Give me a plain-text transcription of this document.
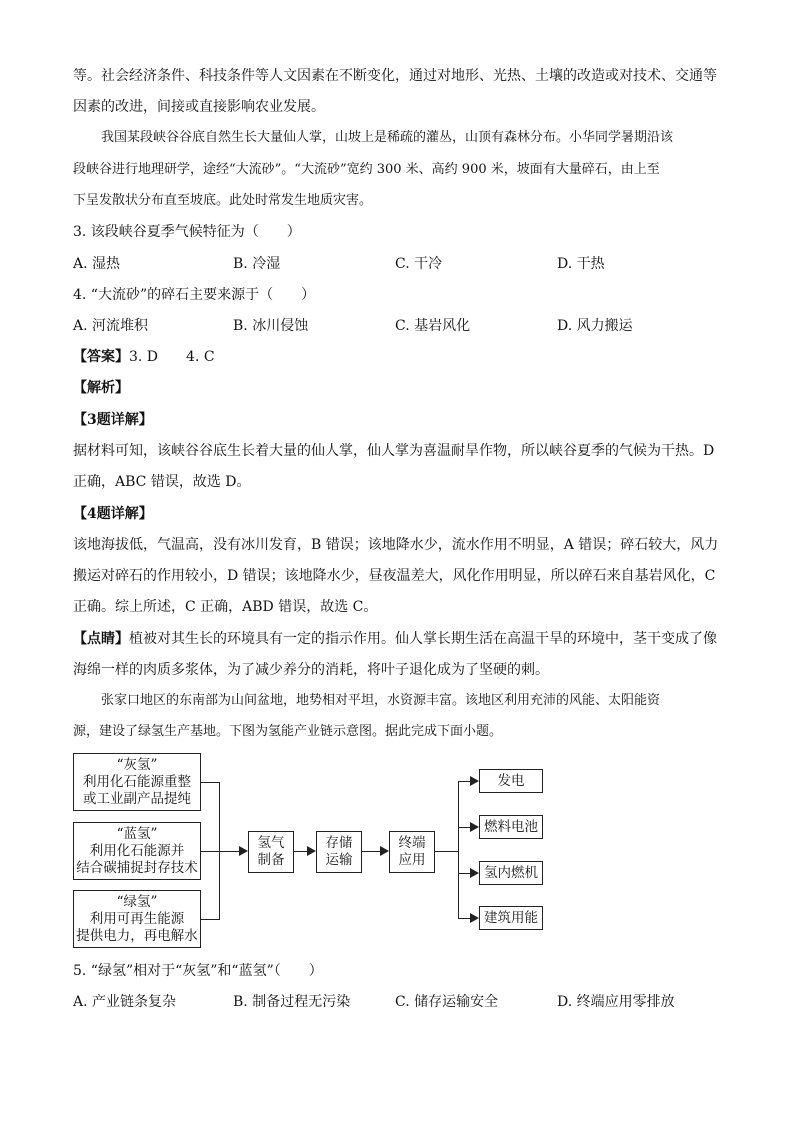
等。社会经济条件、科技条件等人文因素在不断变化，通过对地形、光热、土壤的改造或对技术、交通等
因素的改进，间接或直接影响农业发展。
我国某段峡谷谷底自然生长大量仙人掌，山坡上是稀疏的灌丛，山顶有森林分布。小华同学暑期沿该
段峡谷进行地理研学，途经“大流砂”。“大流砂”宽约 300 米、高约 900 米，坡面有大量碎石，由上至
下呈发散状分布直至坡底。此处时常发生地质灾害。
3. 该段峡谷夏季气候特征为（　　）
A. 湿热	B. 冷湿	C. 干冷	D. 干热
4. “大流砂”的碎石主要来源于（　　）
A. 河流堆积	B. 冰川侵蚀	C. 基岩风化	D. 风力搬运
【答案】3. D　　4. C
【解析】
【3题详解】
据材料可知，该峡谷谷底生长着大量的仙人掌，仙人掌为喜温耐旱作物，所以峡谷夏季的气候为干热。D
正确，ABC 错误，故选 D。
【4题详解】
该地海拔低，气温高，没有冰川发育，B 错误；该地降水少，流水作用不明显，A 错误；碎石较大，风力
搬运对碎石的作用较小，D 错误；该地降水少，昼夜温差大，风化作用明显，所以碎石来自基岩风化，C
正确。综上所述，C 正确，ABD 错误，故选 C。
【点睛】植被对其生长的环境具有一定的指示作用。仙人掌长期生活在高温干旱的环境中，茎干变成了像
海绵一样的肉质多浆体，为了减少养分的消耗，将叶子退化成为了坚硬的刺。
张家口地区的东南部为山间盆地，地势相对平坦，水资源丰富。该地区利用充沛的风能、太阳能资
源，建设了绿氢生产基地。下图为氢能产业链示意图。据此完成下面小题。
“灰氢”
利用化石能源重整
或工业副产品提纯
“蓝氢”
利用化石能源并
结合碳捕捉封存技术
“绿氢”
利用可再生能源
提供电力，再电解水
氢气
制备
存储
运输
终端
应用
发电
燃料电池
氢内燃机
建筑用能
5. “绿氢”相对于“灰氢”和“蓝氢”（　　）
A. 产业链条复杂	B. 制备过程无污染	C. 储存运输安全	D. 终端应用零排放
